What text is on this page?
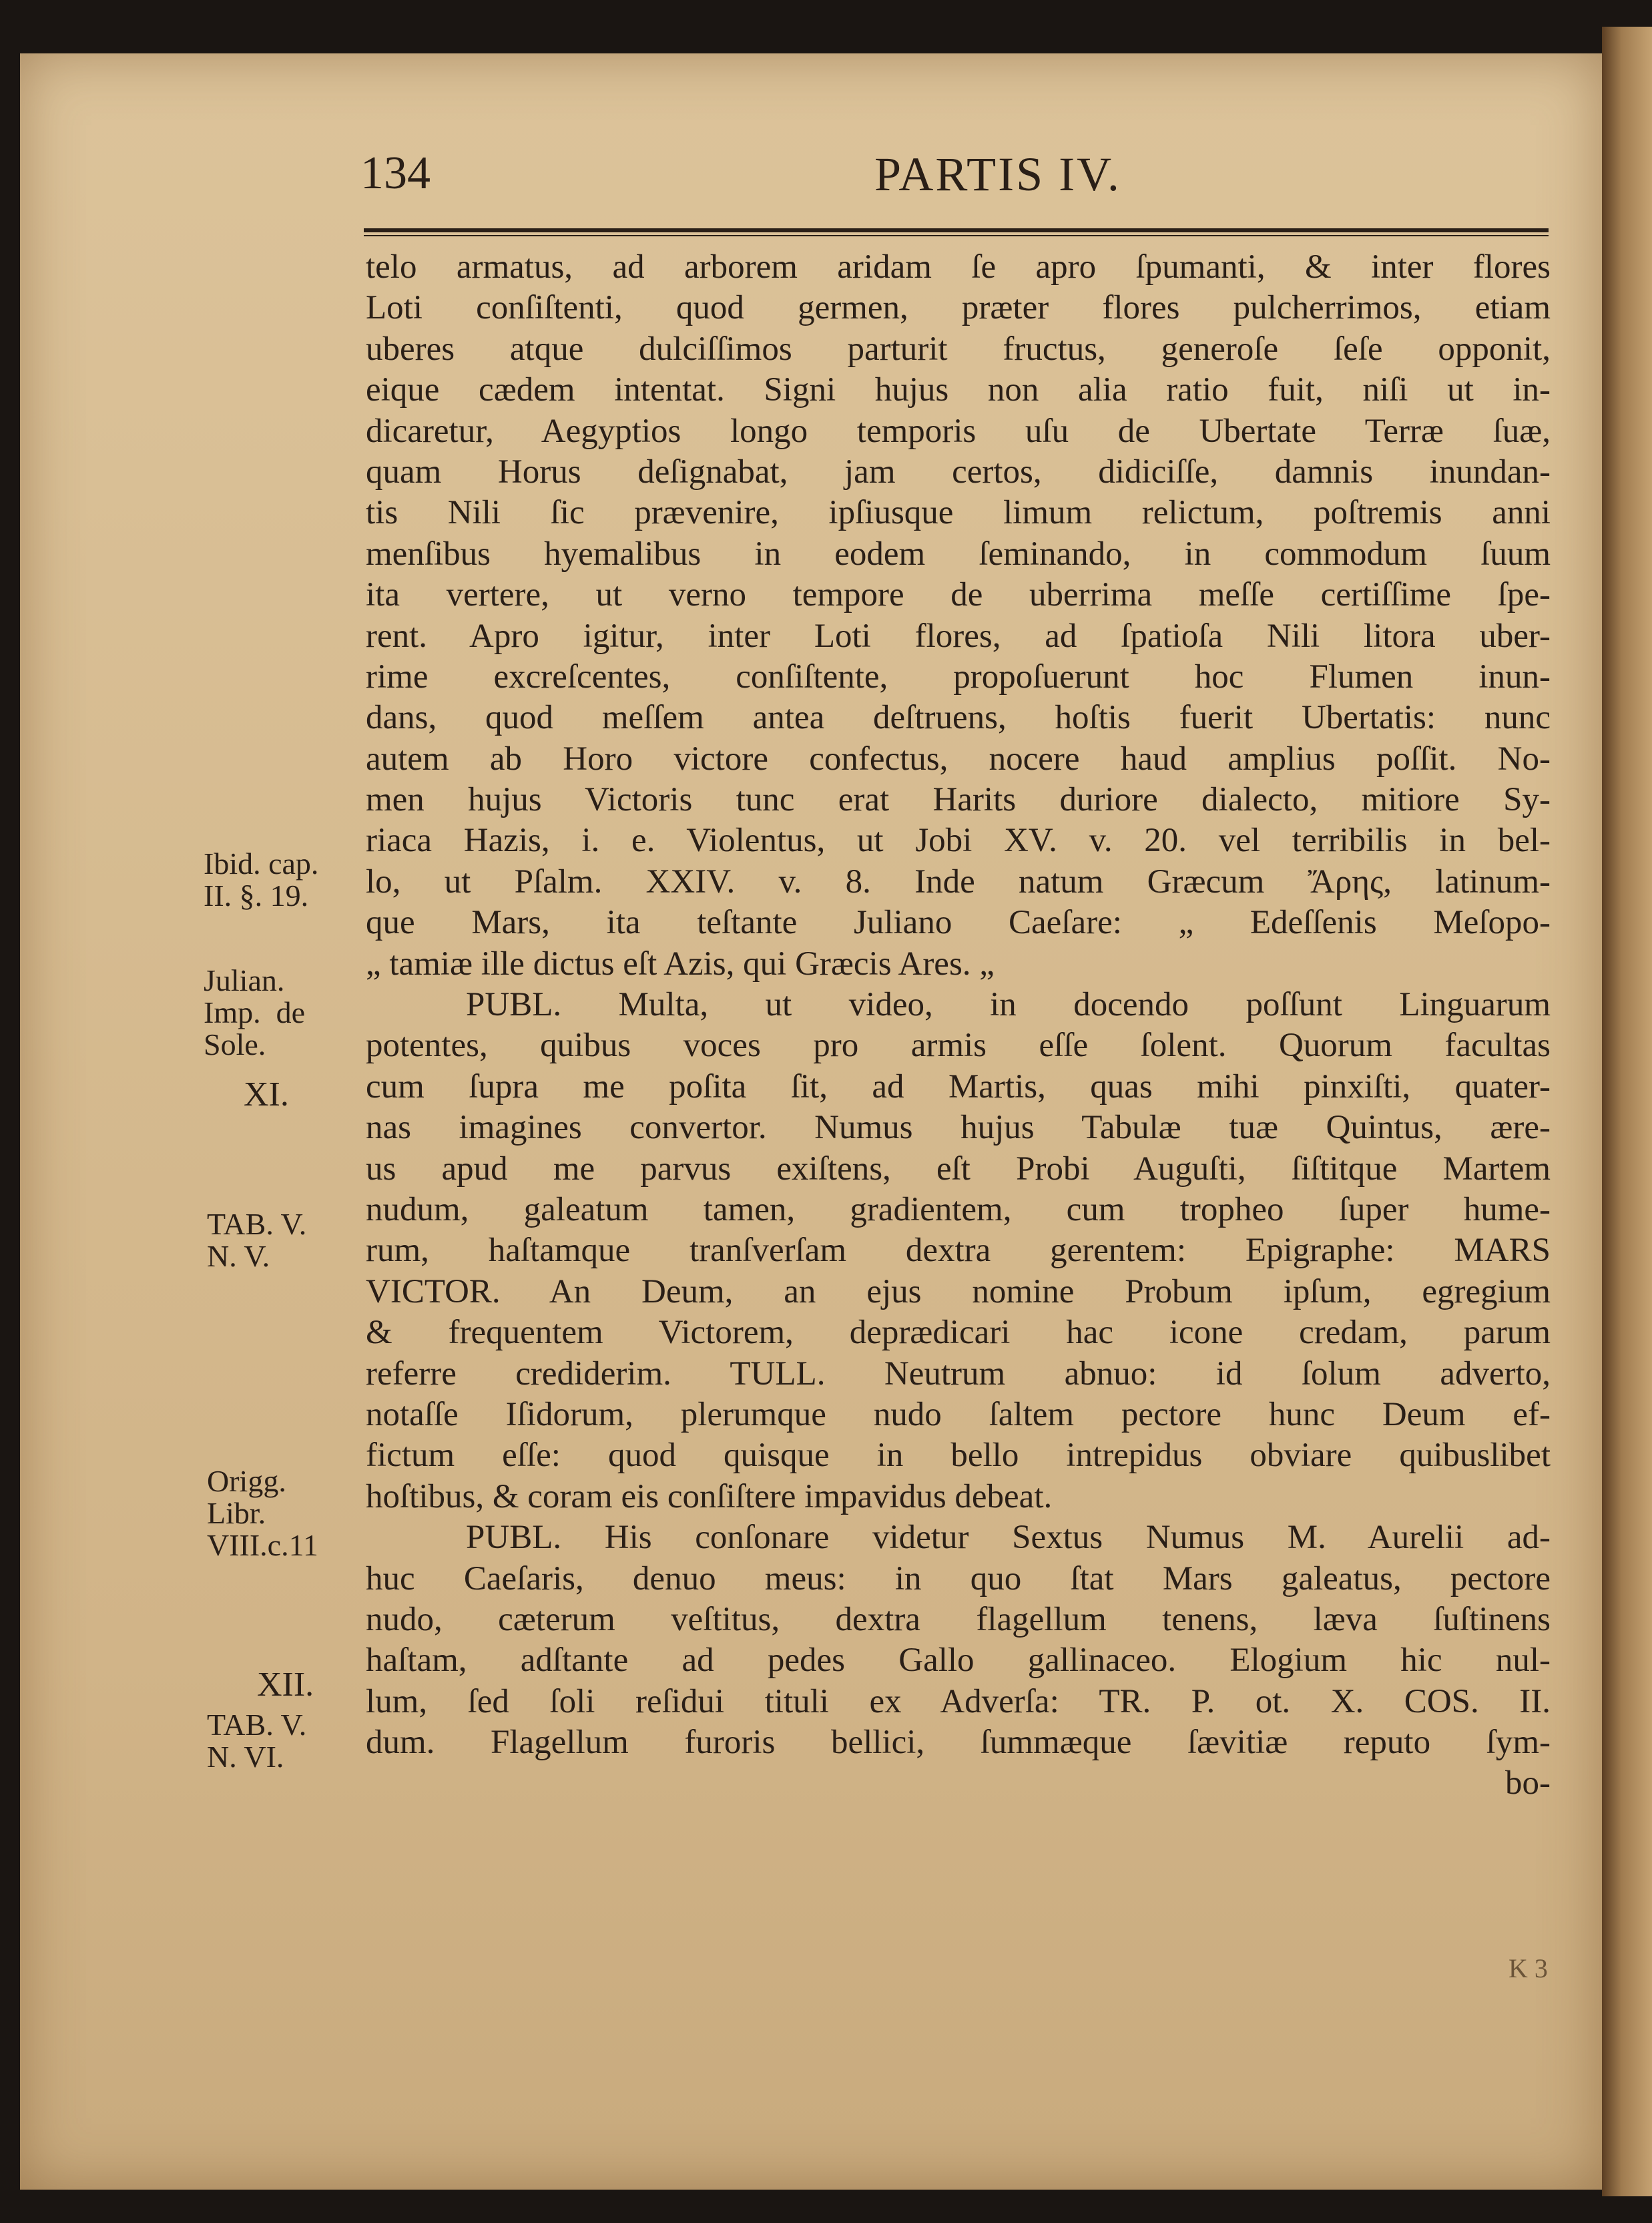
134	PARTIS IV.
telo armatus, ad arborem aridam ſe apro ſpumanti, & inter flores
Loti conſiſtenti, quod germen, præter flores pulcherrimos, etiam
uberes atque dulciſſimos parturit fructus, generoſe ſeſe opponit,
eique cædem intentat. Signi hujus non alia ratio fuit, niſi ut in-
dicaretur, Aegyptios longo temporis uſu de Ubertate Terræ ſuæ,
quam Horus deſignabat, jam certos, didiciſſe, damnis inundan-
tis Nili ſic prævenire, ipſiusque limum relictum, poſtremis anni
menſibus hyemalibus in eodem ſeminando, in commodum ſuum
ita vertere, ut verno tempore de uberrima meſſe certiſſime ſpe-
rent. Apro igitur, inter Loti flores, ad ſpatioſa Nili litora uber-
rime excreſcentes, conſiſtente, propoſuerunt hoc Flumen inun-
dans, quod meſſem antea deſtruens, hoſtis fuerit Ubertatis: nunc
autem ab Horo victore confectus, nocere haud amplius poſſit. No-
men hujus Victoris tunc erat Harits duriore dialecto, mitiore Sy-
riaca Hazis, i. e. Violentus, ut Jobi XV. v. 20. vel terribilis in bel-
lo, ut Pſalm. XXIV. v. 8. Inde natum Græcum Ἄρης, latinum-
que Mars, ita teſtante Juliano Caeſare: „ Edeſſenis Meſopo-
„ tamiæ ille dictus eſt Azis, qui Græcis Ares. „
PUBL. Multa, ut video, in docendo poſſunt Linguarum
potentes, quibus voces pro armis eſſe ſolent. Quorum facultas
cum ſupra me poſita ſit, ad Martis, quas mihi pinxiſti, quater-
nas imagines convertor. Numus hujus Tabulæ tuæ Quintus, ære-
us apud me parvus exiſtens, eſt Probi Auguſti, ſiſtitque Martem
nudum, galeatum tamen, gradientem, cum tropheo ſuper hume-
rum, haſtamque tranſverſam dextra gerentem: Epigraphe: MARS
VICTOR. An Deum, an ejus nomine Probum ipſum, egregium
& frequentem Victorem, deprædicari hac icone credam, parum
referre crediderim. TULL. Neutrum abnuo: id ſolum adverto,
notaſſe Iſidorum, plerumque nudo ſaltem pectore hunc Deum ef-
fictum eſſe: quod quisque in bello intrepidus obviare quibuslibet
hoſtibus, & coram eis conſiſtere impavidus debeat.
PUBL. His conſonare videtur Sextus Numus M. Aurelii ad-
huc Caeſaris, denuo meus: in quo ſtat Mars galeatus, pectore
nudo, cæterum veſtitus, dextra flagellum tenens, læva ſuſtinens
haſtam, adſtante ad pedes Gallo gallinaceo. Elogium hic nul-
lum, ſed ſoli reſidui tituli ex Adverſa: TR. P. ot. X. COS. II.
dum. Flagellum furoris bellici, ſummæque ſævitiæ reputo ſym-
bo-
Ibid. cap.
II. §. 19.
Julian.
Imp.  de
Sole.
XI.
TAB. V.
N. V.
Origg.
Libr.
VIII.c.11
XII.
TAB. V.
N. VI.
K 3
